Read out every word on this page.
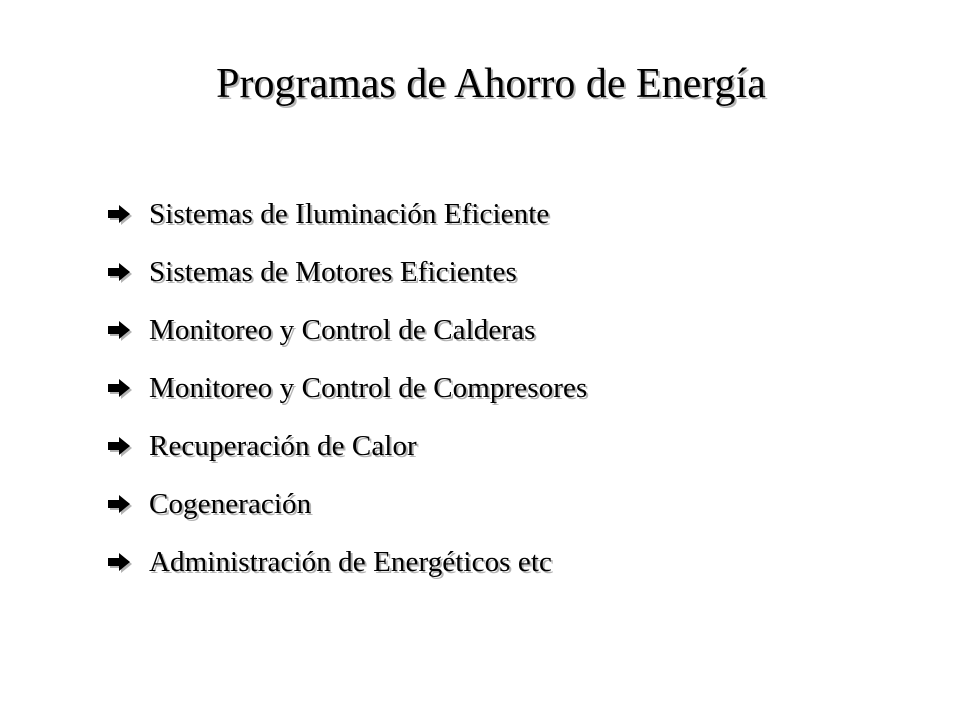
Programas de Ahorro de Energía
Sistemas de Iluminación Eficiente
Sistemas de Motores Eficientes
Monitoreo y Control de Calderas
Monitoreo y Control de Compresores
Recuperación de Calor
Cogeneración
Administración de Energéticos etc
